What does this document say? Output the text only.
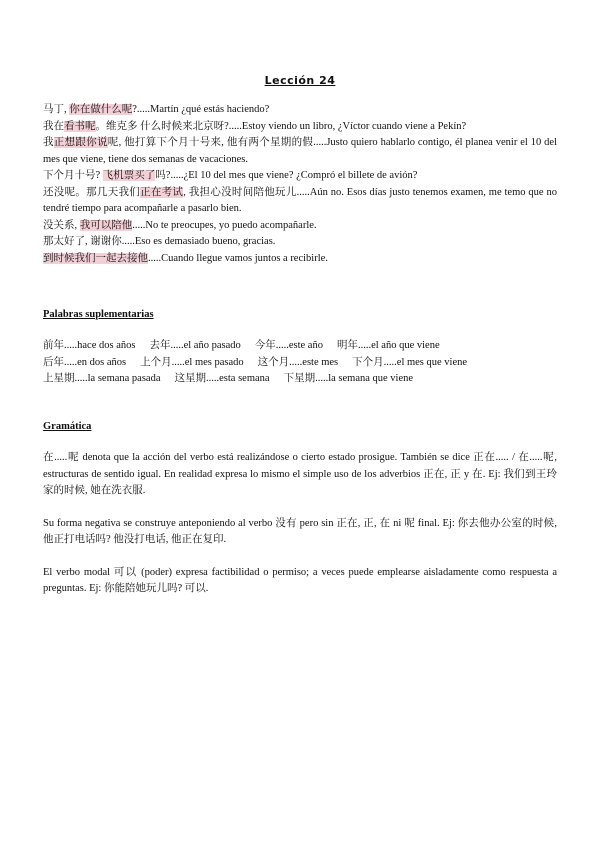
Lección 24

马丁, 你在做什么呢?.....Martín ¿qué estás haciendo?

我在看书呢。维克多 什么时候来北京呀?.....Estoy viendo un libro, ¿Víctor cuando viene a Pekín?

我正想跟你说呢, 他打算下个月十号来, 他有两个星期的假.....Justo quiero hablarlo contigo, él planea venir el 10 del mes que viene, tiene dos semanas de vacaciones.

下个月十号? 飞机票买了吗?.....¿El 10 del mes que viene? ¿Compró el billete de avión?

还没呢。那几天我们正在考试, 我担心没时间陪他玩儿.....Aún no. Esos días justo tenemos examen, me temo que no tendré tiempo para acompañarle a pasarlo bien.

没关系, 我可以陪他.....No te preocupes, yo puedo acompañarle.

那太好了, 谢谢你.....Eso es demasiado bueno, gracias.

到时候我们一起去接他.....Cuando llegue vamos juntos a recibirle.

Palabras suplementarias

前年.....hace dos años 去年.....el año pasado 今年.....este año 明年.....el año que viene

后年.....en dos años 上个月.....el mes pasado 这个月.....este mes 下个月.....el mes que viene

上星期.....la semana pasada 这星期.....esta semana 下星期.....la semana que viene

Gramática

在.....呢 denota que la acción del verbo está realizándose o cierto estado prosigue. También se dice 正在..... / 在.....呢, estructuras de sentido igual. En realidad expresa lo mismo el simple uso de los adverbios 正在, 正 y 在. Ej: 我们到王玲家的时候, 她在洗衣服.

Su forma negativa se construye anteponiendo al verbo 没有 pero sin 正在, 正, 在 ni 呢 final. Ej: 你去他办公室的时候, 他正打电话吗? 他没打电话, 他正在复印.

El verbo modal 可以 (poder) expresa factibilidad o permiso; a veces puede emplearse aisladamente como respuesta a preguntas. Ej: 你能陪她玩儿吗? 可以.
